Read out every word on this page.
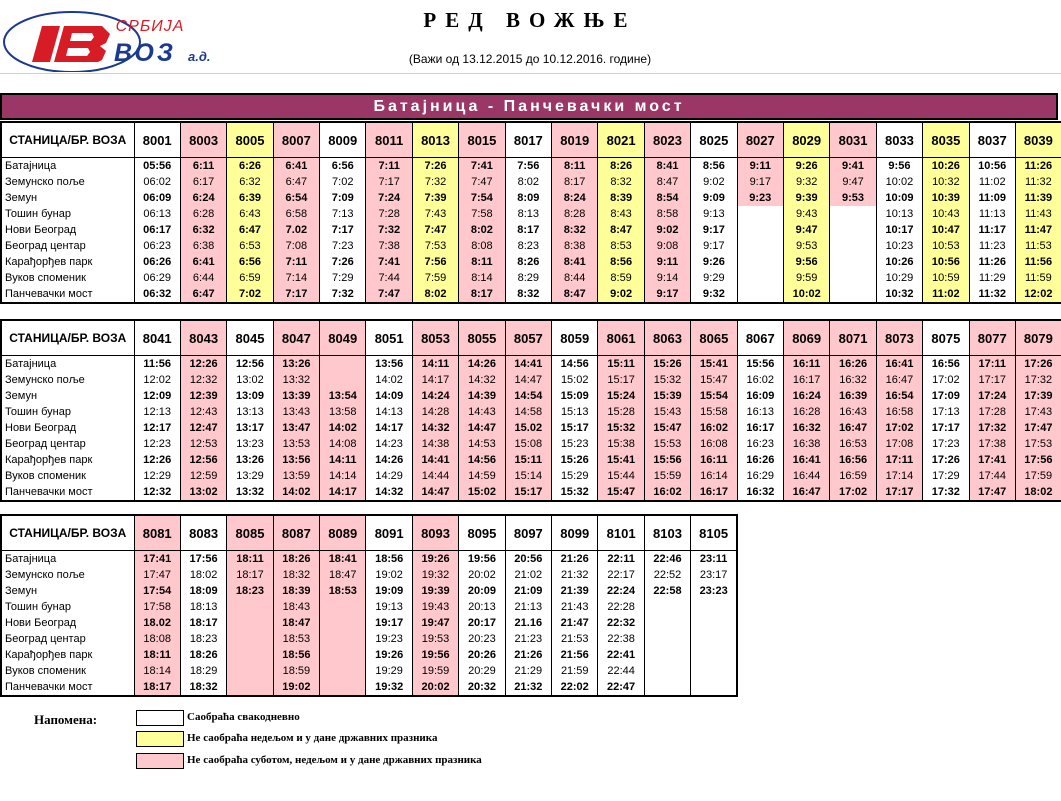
СРБИЈА
ВОЗ а.д.
РЕД ВОЖЊЕ
(Важи од 13.12.2015 до 10.12.2016. године)
Батајница - Панчевачки мост
СТАНИЦА/БР. ВОЗА	8001	8003	8005	8007	8009	8011	8013	8015	8017	8019	8021	8023	8025	8027	8029	8031	8033	8035	8037	8039
Батајница	05:56	6:11	6:26	6:41	6:56	7:11	7:26	7:41	7:56	8:11	8:26	8:41	8:56	9:11	9:26	9:41	9:56	10:26	10:56	11:26
Земунско поље	06:02	6:17	6:32	6:47	7:02	7:17	7:32	7:47	8:02	8:17	8:32	8:47	9:02	9:17	9:32	9:47	10:02	10:32	11:02	11:32
Земун	06:09	6:24	6:39	6:54	7:09	7:24	7:39	7:54	8:09	8:24	8:39	8:54	9:09	9:23	9:39	9:53	10:09	10:39	11:09	11:39
Тошин бунар	06:13	6:28	6:43	6:58	7:13	7:28	7:43	7:58	8:13	8:28	8:43	8:58	9:13		9:43		10:13	10:43	11:13	11:43
Нови Београд	06:17	6:32	6:47	7.02	7:17	7:32	7:47	8:02	8:17	8:32	8:47	9:02	9:17		9:47		10:17	10:47	11:17	11:47
Београд центар	06:23	6:38	6:53	7:08	7:23	7:38	7:53	8:08	8:23	8:38	8:53	9:08	9:17		9:53		10:23	10:53	11:23	11:53
Карађорђев парк	06:26	6:41	6:56	7:11	7:26	7:41	7:56	8:11	8:26	8:41	8:56	9:11	9:26		9:56		10:26	10:56	11:26	11:56
Вуков споменик	06:29	6:44	6:59	7:14	7:29	7:44	7:59	8:14	8:29	8:44	8:59	9:14	9:29		9:59		10:29	10:59	11:29	11:59
Панчевачки мост	06:32	6:47	7:02	7:17	7:32	7:47	8:02	8:17	8:32	8:47	9:02	9:17	9:32		10:02		10:32	11:02	11:32	12:02
СТАНИЦА/БР. ВОЗА	8041	8043	8045	8047	8049	8051	8053	8055	8057	8059	8061	8063	8065	8067	8069	8071	8073	8075	8077	8079
Батајница	11:56	12:26	12:56	13:26		13:56	14:11	14:26	14:41	14:56	15:11	15:26	15:41	15:56	16:11	16:26	16:41	16:56	17:11	17:26
Земунско поље	12:02	12:32	13:02	13:32		14:02	14:17	14:32	14:47	15:02	15:17	15:32	15:47	16:02	16:17	16:32	16:47	17:02	17:17	17:32
Земун	12:09	12:39	13:09	13:39	13:54	14:09	14:24	14:39	14:54	15:09	15:24	15:39	15:54	16:09	16:24	16:39	16:54	17:09	17:24	17:39
Тошин бунар	12:13	12:43	13:13	13:43	13:58	14:13	14:28	14:43	14:58	15:13	15:28	15:43	15:58	16:13	16:28	16:43	16:58	17:13	17:28	17:43
Нови Београд	12:17	12:47	13:17	13:47	14:02	14:17	14:32	14:47	15.02	15:17	15:32	15:47	16:02	16:17	16:32	16:47	17:02	17:17	17:32	17:47
Београд центар	12:23	12:53	13:23	13:53	14:08	14:23	14:38	14:53	15:08	15:23	15:38	15:53	16:08	16:23	16:38	16:53	17:08	17:23	17:38	17:53
Карађорђев парк	12:26	12:56	13:26	13:56	14:11	14:26	14:41	14:56	15:11	15:26	15:41	15:56	16:11	16:26	16:41	16:56	17:11	17:26	17:41	17:56
Вуков споменик	12:29	12:59	13:29	13:59	14:14	14:29	14:44	14:59	15:14	15:29	15:44	15:59	16:14	16:29	16:44	16:59	17:14	17:29	17:44	17:59
Панчевачки мост	12:32	13:02	13:32	14:02	14:17	14:32	14:47	15:02	15:17	15:32	15:47	16:02	16:17	16:32	16:47	17:02	17:17	17:32	17:47	18:02
СТАНИЦА/БР. ВОЗА	8081	8083	8085	8087	8089	8091	8093	8095	8097	8099	8101	8103	8105
Батајница	17:41	17:56	18:11	18:26	18:41	18:56	19:26	19:56	20:56	21:26	22:11	22:46	23:11
Земунско поље	17:47	18:02	18:17	18:32	18:47	19:02	19:32	20:02	21:02	21:32	22:17	22:52	23:17
Земун	17:54	18:09	18:23	18:39	18:53	19:09	19:39	20:09	21:09	21:39	22:24	22:58	23:23
Тошин бунар	17:58	18:13		18:43		19:13	19:43	20:13	21:13	21:43	22:28		
Нови Београд	18.02	18:17		18:47		19:17	19:47	20:17	21.16	21:47	22:32		
Београд центар	18:08	18:23		18:53		19:23	19:53	20:23	21:23	21:53	22:38		
Карађорђев парк	18:11	18:26		18:56		19:26	19:56	20:26	21:26	21:56	22:41		
Вуков споменик	18:14	18:29		18:59		19:29	19:59	20:29	21:29	21:59	22:44		
Панчевачки мост	18:17	18:32		19:02		19:32	20:02	20:32	21:32	22:02	22:47		
Напомена:	Саобраћа свакодневно
Не саобраћа недељом и у дане државних празника
Не саобраћа суботом, недељом и у дане државних празника
